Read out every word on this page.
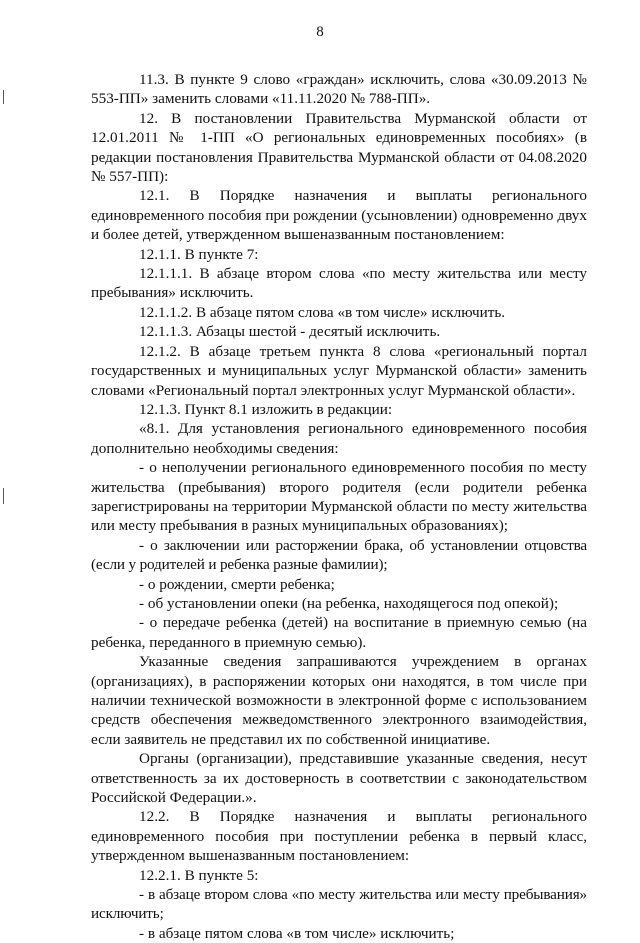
8

11.3. В пункте 9 слово «граждан» исключить, слова «30.09.2013 № 553-ПП» заменить словами «11.11.2020 № 788-ПП».

12. В постановлении Правительства Мурманской области от 12.01.2011 № 1-ПП «О региональных единовременных пособиях» (в редакции постановления Правительства Мурманской области от 04.08.2020 № 557-ПП):

12.1. В Порядке назначения и выплаты регионального единовременного пособия при рождении (усыновлении) одновременно двух и более детей, утвержденном вышеназванным постановлением:

12.1.1. В пункте 7:

12.1.1.1. В абзаце втором слова «по месту жительства или месту пребывания» исключить.

12.1.1.2. В абзаце пятом слова «в том числе» исключить.

12.1.1.3. Абзацы шестой - десятый исключить.

12.1.2. В абзаце третьем пункта 8 слова «региональный портал государственных и муниципальных услуг Мурманской области» заменить словами «Региональный портал электронных услуг Мурманской области».

12.1.3. Пункт 8.1 изложить в редакции:

«8.1. Для установления регионального единовременного пособия дополнительно необходимы сведения:

- о неполучении регионального единовременного пособия по месту жительства (пребывания) второго родителя (если родители ребенка зарегистрированы на территории Мурманской области по месту жительства или месту пребывания в разных муниципальных образованиях);

- о заключении или расторжении брака, об установлении отцовства (если у родителей и ребенка разные фамилии);

- о рождении, смерти ребенка;

- об установлении опеки (на ребенка, находящегося под опекой);

- о передаче ребенка (детей) на воспитание в приемную семью (на ребенка, переданного в приемную семью).

Указанные сведения запрашиваются учреждением в органах (организациях), в распоряжении которых они находятся, в том числе при наличии технической возможности в электронной форме с использованием средств обеспечения межведомственного электронного взаимодействия, если заявитель не представил их по собственной инициативе.

Органы (организации), представившие указанные сведения, несут ответственность за их достоверность в соответствии с законодательством Российской Федерации.».

12.2. В Порядке назначения и выплаты регионального единовременного пособия при поступлении ребенка в первый класс, утвержденном вышеназванным постановлением:

12.2.1. В пункте 5:

- в абзаце втором слова «по месту жительства или месту пребывания» исключить;

- в абзаце пятом слова «в том числе» исключить;
